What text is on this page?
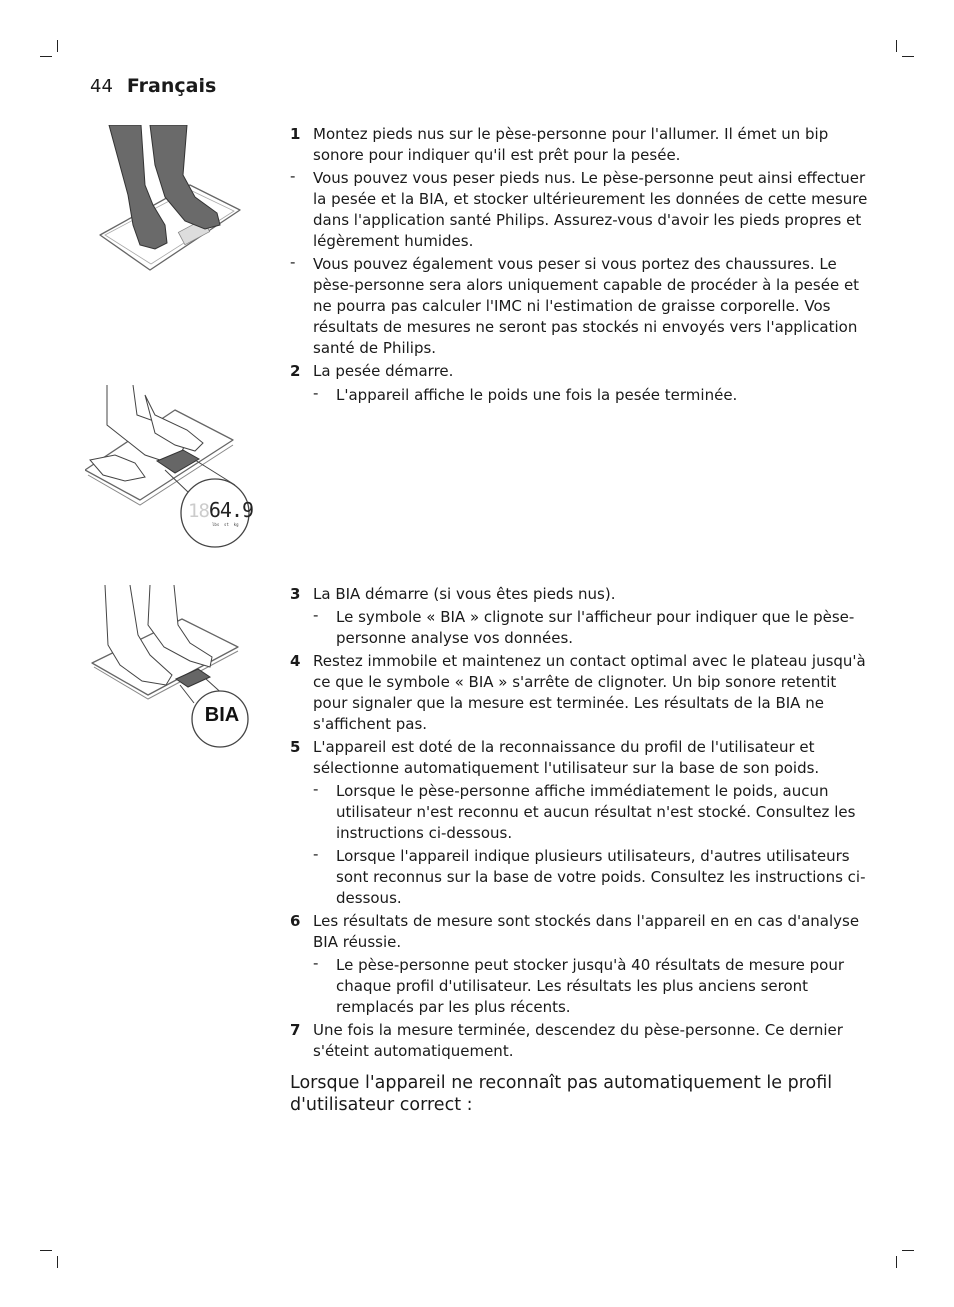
44 Français
1864.9
lbs  st  kg
BIA
1 Montez pieds nus sur le pèse-personne pour l'allumer. Il émet un bip sonore pour indiquer qu'il est prêt pour la pesée.
- Vous pouvez vous peser pieds nus. Le pèse-personne peut ainsi effectuer la pesée et la BIA, et stocker ultérieurement les données de cette mesure dans l'application santé Philips. Assurez-vous d'avoir les pieds propres et légèrement humides.
- Vous pouvez également vous peser si vous portez des chaussures. Le pèse-personne sera alors uniquement capable de procéder à la pesée et ne pourra pas calculer l'IMC ni l'estimation de graisse corporelle. Vos résultats de mesures ne seront pas stockés ni envoyés vers l'application santé de Philips.
2 La pesée démarre.
- L'appareil affiche le poids une fois la pesée terminée.
3 La BIA démarre (si vous êtes pieds nus).
- Le symbole « BIA » clignote sur l'afficheur pour indiquer que le pèse-personne analyse vos données.
4 Restez immobile et maintenez un contact optimal avec le plateau jusqu'à ce que le symbole « BIA » s'arrête de clignoter. Un bip sonore retentit pour signaler que la mesure est terminée. Les résultats de la BIA ne s'affichent pas.
5 L'appareil est doté de la reconnaissance du profil de l'utilisateur et sélectionne automatiquement l'utilisateur sur la base de son poids.
- Lorsque le pèse-personne affiche immédiatement le poids, aucun utilisateur n'est reconnu et aucun résultat n'est stocké. Consultez les instructions ci-dessous.
- Lorsque l'appareil indique plusieurs utilisateurs, d'autres utilisateurs sont reconnus sur la base de votre poids. Consultez les instructions ci-dessous.
6 Les résultats de mesure sont stockés dans l'appareil en en cas d'analyse BIA réussie.
- Le pèse-personne peut stocker jusqu'à 40 résultats de mesure pour chaque profil d'utilisateur. Les résultats les plus anciens seront remplacés par les plus récents.
7 Une fois la mesure terminée, descendez du pèse-personne. Ce dernier s'éteint automatiquement.
Lorsque l'appareil ne reconnaît pas automatiquement le profil d'utilisateur correct :
